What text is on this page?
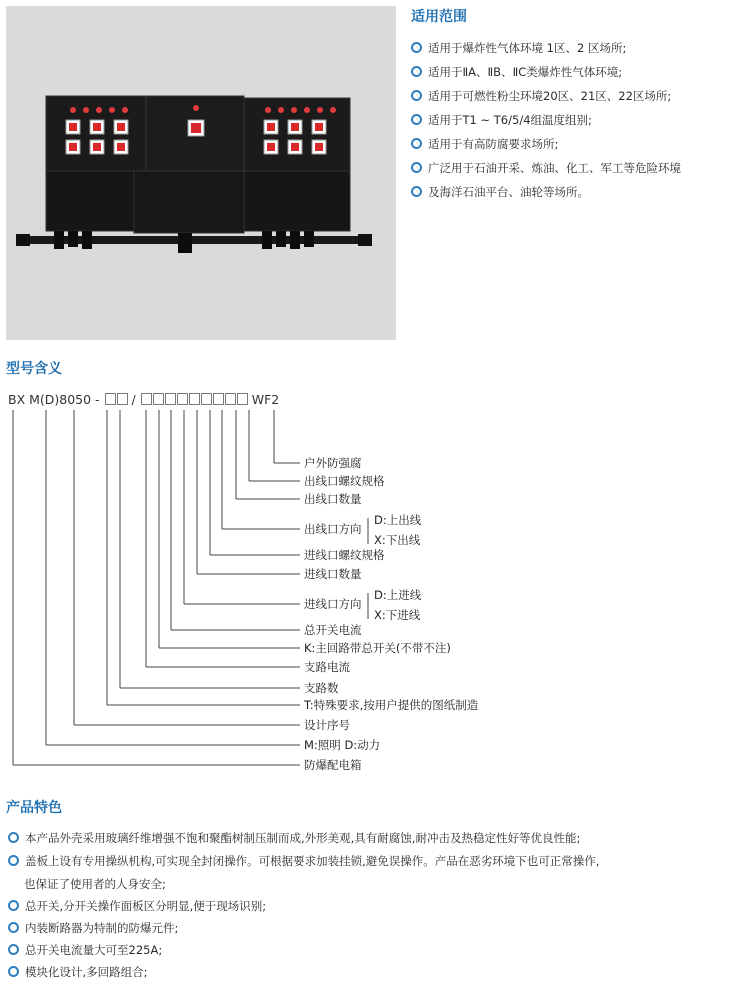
适用范围
适用于爆炸性气体环境 1区、2 区场所;
适用于ⅡA、ⅡB、ⅡC类爆炸性气体环境;
适用于可燃性粉尘环境20区、21区、22区场所;
适用于T1 ~ T6/5/4组温度组别;
适用于有高防腐要求场所;
广泛用于石油开采、炼油、化工、军工等危险环境
及海洋石油平台、油轮等场所。
型号含义
BX M(D)8050 -  /	WF2
户外防强腐
出线口螺纹规格
出线口数量
出线口方向
D:上出线
X:下出线
进线口螺纹规格
进线口数量
进线口方向
D:上进线
X:下进线
总开关电流
K:主回路带总开关(不带不注)
支路电流
支路数
T:特殊要求,按用户提供的图纸制造
设计序号
M:照明 D:动力
防爆配电箱
产品特色
本产品外壳采用玻璃纤维增强不饱和聚酯树制压制而成,外形美观,具有耐腐蚀,耐冲击及热稳定性好等优良性能;
盖板上设有专用操纵机构,可实现全封闭操作。可根据要求加装挂锁,避免误操作。产品在恶劣环境下也可正常操作,
也保证了使用者的人身安全;
总开关,分开关操作面板区分明显,便于现场识别;
内装断路器为特制的防爆元件;
总开关电流量大可至225A;
模块化设计,多回路组合;
